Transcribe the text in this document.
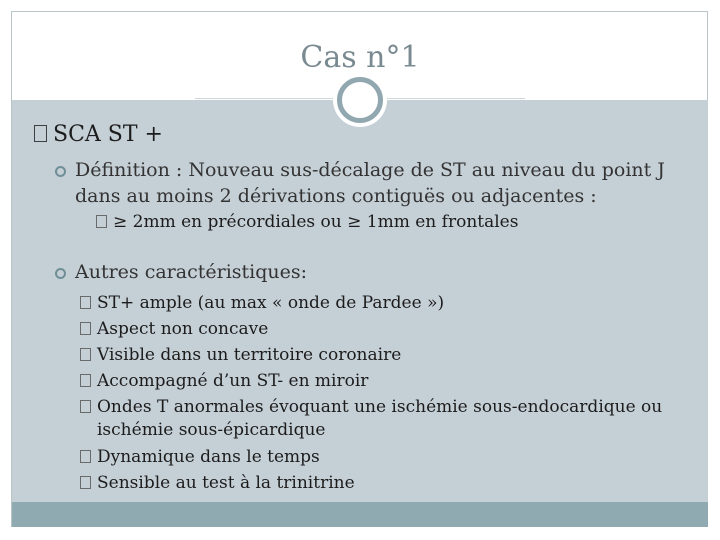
Cas n°1
SCA ST +
Définition : Nouveau sus-décalage de ST au niveau du point J
dans au moins 2 dérivations contiguës ou adjacentes :
≥ 2mm en précordiales ou ≥ 1mm en frontales
Autres caractéristiques:
ST+ ample (au max « onde de Pardee »)
Aspect non concave
Visible dans un territoire coronaire
Accompagné d’un ST- en miroir
Ondes T anormales évoquant une ischémie sous-endocardique ou
ischémie sous-épicardique
Dynamique dans le temps
Sensible au test à la trinitrine
